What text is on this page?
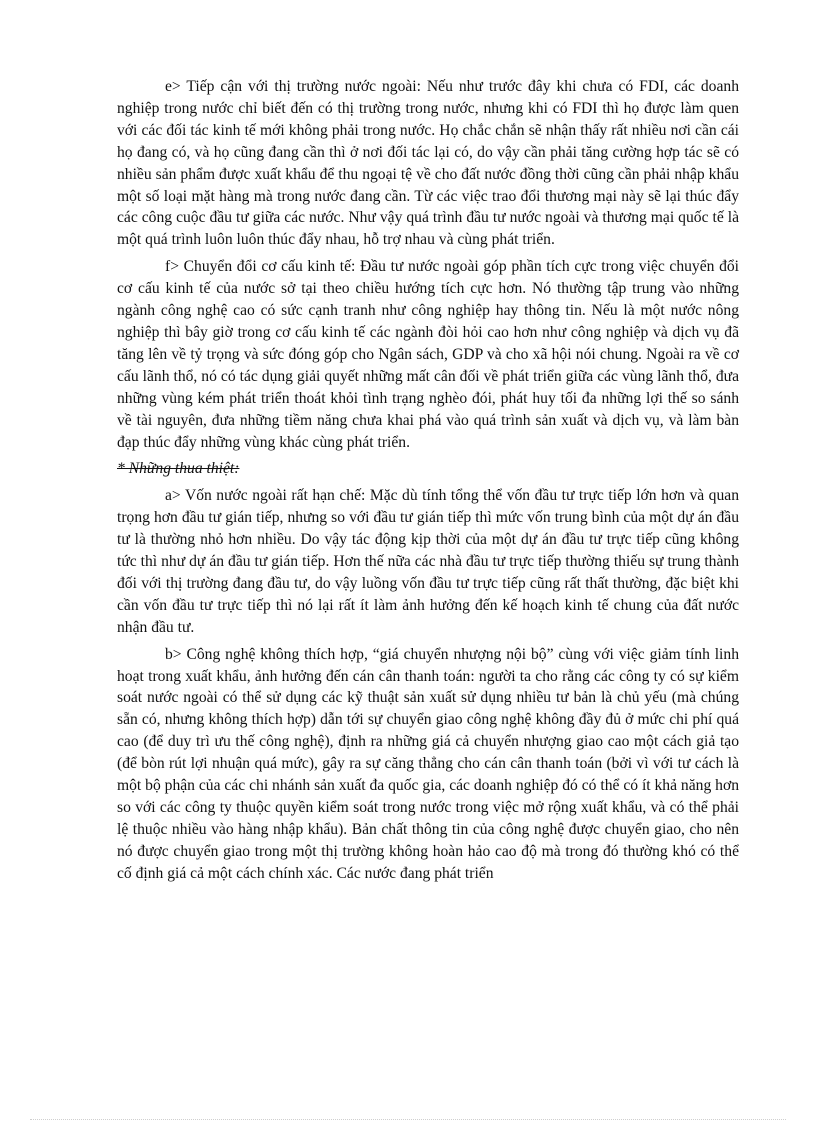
e> Tiếp cận với thị trường nước ngoài: Nếu như trước đây khi chưa có FDI, các doanh nghiệp trong nước chỉ biết đến có thị trường trong nước, nhưng khi có FDI thì họ được làm quen với các đối tác kinh tế mới không phải trong nước. Họ chắc chắn sẽ nhận thấy rất nhiều nơi cần cái họ đang có, và họ cũng đang cần thì ở nơi đối tác lại có, do vậy cần phải tăng cường hợp tác sẽ có nhiều sản phẩm được xuất khẩu để thu ngoại tệ về cho đất nước đồng thời cũng cần phải nhập khẩu một số loại mặt hàng mà trong nước đang cần. Từ các việc trao đổi thương mại này sẽ lại thúc đẩy các công cuộc đầu tư giữa các nước. Như vậy quá trình đầu tư nước ngoài và thương mại quốc tế là một quá trình luôn luôn thúc đẩy nhau, hỗ trợ nhau và cùng phát triển.

f> Chuyển đổi cơ cấu kinh tế: Đầu tư nước ngoài góp phần tích cực trong việc chuyển đổi cơ cấu kinh tế của nước sở tại theo chiều hướng tích cực hơn. Nó thường tập trung vào những ngành công nghệ cao có sức cạnh tranh như công nghiệp hay thông tin. Nếu là một nước nông nghiệp thì bây giờ trong cơ cấu kinh tế các ngành đòi hỏi cao hơn như công nghiệp và dịch vụ đã tăng lên về tỷ trọng và sức đóng góp cho Ngân sách, GDP và cho xã hội nói chung. Ngoài ra về cơ cấu lãnh thổ, nó có tác dụng giải quyết những mất cân đối về phát triển giữa các vùng lãnh thổ, đưa những vùng kém phát triển thoát khỏi tình trạng nghèo đói, phát huy tối đa những lợi thế so sánh về tài nguyên, đưa những tiềm năng chưa khai phá vào quá trình sản xuất và dịch vụ, và làm bàn đạp thúc đẩy những vùng khác cùng phát triển.

* Những thua thiệt:

a> Vốn nước ngoài rất hạn chế: Mặc dù tính tổng thể vốn đầu tư trực tiếp lớn hơn và quan trọng hơn đầu tư gián tiếp, nhưng so với đầu tư gián tiếp thì mức vốn trung bình của một dự án đầu tư là thường nhỏ hơn nhiều. Do vậy tác động kịp thời của một dự án đầu tư trực tiếp cũng không tức thì như dự án đầu tư gián tiếp. Hơn thế nữa các nhà đầu tư trực tiếp thường thiếu sự trung thành đối với thị trường đang đầu tư, do vậy luồng vốn đầu tư trực tiếp cũng rất thất thường, đặc biệt khi cần vốn đầu tư trực tiếp thì nó lại rất ít làm ảnh hưởng đến kế hoạch kinh tế chung của đất nước nhận đầu tư.

b> Công nghệ không thích hợp, “giá chuyển nhượng nội bộ” cùng với việc giảm tính linh hoạt trong xuất khẩu, ảnh hưởng đến cán cân thanh toán: người ta cho rằng các công ty có sự kiểm soát nước ngoài có thể sử dụng các kỹ thuật sản xuất sử dụng nhiều tư bản là chủ yếu (mà chúng sẵn có, nhưng không thích hợp) dẫn tới sự chuyển giao công nghệ không đầy đủ ở mức chi phí quá cao (để duy trì ưu thế công nghệ), định ra những giá cả chuyển nhượng giao cao một cách giả tạo (để bòn rút lợi nhuận quá mức), gây ra sự căng thẳng cho cán cân thanh toán (bởi vì với tư cách là một bộ phận của các chi nhánh sản xuất đa quốc gia, các doanh nghiệp đó có thể có ít khả năng hơn so với các công ty thuộc quyền kiểm soát trong nước trong việc mở rộng xuất khẩu, và có thể phải lệ thuộc nhiều vào hàng nhập khẩu). Bản chất thông tin của công nghệ được chuyển giao, cho nên nó được chuyển giao trong một thị trường không hoàn hảo cao độ mà trong đó thường khó có thể cố định giá cả một cách chính xác. Các nước đang phát triển
